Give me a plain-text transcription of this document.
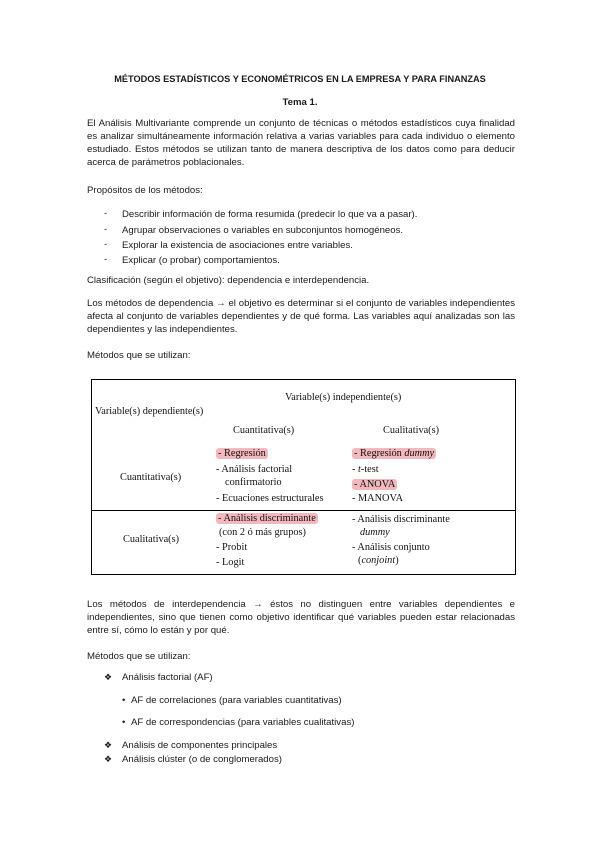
MÉTODOS ESTADÍSTICOS Y ECONOMÉTRICOS EN LA EMPRESA Y PARA FINANZAS
Tema 1.
El Análisis Multivariante comprende un conjunto de técnicas o métodos estadísticos cuya finalidad es analizar simultáneamente información relativa a varias variables para cada individuo o elemento estudiado. Estos métodos se utilizan tanto de manera descriptiva de los datos como para deducir acerca de parámetros poblacionales.
Propósitos de los métodos:
- Describir información de forma resumida (predecir lo que va a pasar).
- Agrupar observaciones o variables en subconjuntos homogéneos.
- Explorar la existencia de asociaciones entre variables.
- Explicar (o probar) comportamientos.
Clasificación (según el objetivo): dependencia e interdependencia.
Los métodos de dependencia → el objetivo es determinar si el conjunto de variables independientes afecta al conjunto de variables dependientes y de qué forma. Las variables aquí analizadas son las dependientes y las independientes.
Métodos que se utilizan:
Variable(s) independiente(s)
Variable(s) dependiente(s)
Cuantitativa(s)	Cualitativa(s)
Cuantitativa(s)
Cualitativa(s)
- Regresión
- Análisis factorial
confirmatorio
- Ecuaciones estructurales
- Regresión dummy
- t-test
- ANOVA
- MANOVA
- Análisis discriminante
(con 2 ó más grupos)
- Probit
- Logit
- Análisis discriminante
dummy
- Análisis conjunto
(conjoint)
Los métodos de interdependencia → éstos no distinguen entre variables dependientes e independientes, sino que tienen como objetivo identificar qué variables pueden estar relacionadas entre sí, cómo lo están y por qué.
Métodos que se utilizan:
❖ Análisis factorial (AF)
• AF de correlaciones (para variables cuantitativas)
• AF de correspondencias (para variables cualitativas)
❖ Análisis de componentes principales
❖ Análisis clúster (o de conglomerados)
